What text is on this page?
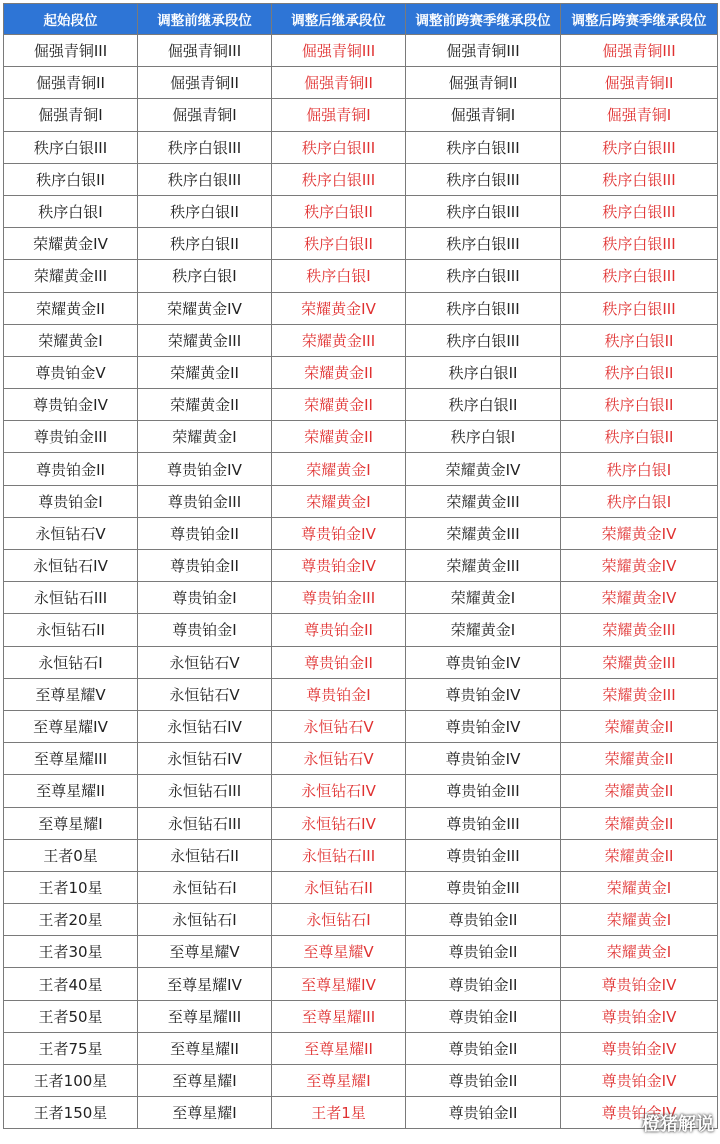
起始段位	调整前继承段位	调整后继承段位	调整前跨赛季继承段位	调整后跨赛季继承段位
倔强青铜III	倔强青铜III	倔强青铜III	倔强青铜III	倔强青铜III
倔强青铜II	倔强青铜II	倔强青铜II	倔强青铜II	倔强青铜II
倔强青铜I	倔强青铜I	倔强青铜I	倔强青铜I	倔强青铜I
秩序白银III	秩序白银III	秩序白银III	秩序白银III	秩序白银III
秩序白银II	秩序白银III	秩序白银III	秩序白银III	秩序白银III
秩序白银I	秩序白银II	秩序白银II	秩序白银III	秩序白银III
荣耀黄金IV	秩序白银II	秩序白银II	秩序白银III	秩序白银III
荣耀黄金III	秩序白银I	秩序白银I	秩序白银III	秩序白银III
荣耀黄金II	荣耀黄金IV	荣耀黄金IV	秩序白银III	秩序白银III
荣耀黄金I	荣耀黄金III	荣耀黄金III	秩序白银III	秩序白银II
尊贵铂金V	荣耀黄金II	荣耀黄金II	秩序白银II	秩序白银II
尊贵铂金IV	荣耀黄金II	荣耀黄金II	秩序白银II	秩序白银II
尊贵铂金III	荣耀黄金I	荣耀黄金II	秩序白银I	秩序白银II
尊贵铂金II	尊贵铂金IV	荣耀黄金I	荣耀黄金IV	秩序白银I
尊贵铂金I	尊贵铂金III	荣耀黄金I	荣耀黄金III	秩序白银I
永恒钻石V	尊贵铂金II	尊贵铂金IV	荣耀黄金III	荣耀黄金IV
永恒钻石IV	尊贵铂金II	尊贵铂金IV	荣耀黄金III	荣耀黄金IV
永恒钻石III	尊贵铂金I	尊贵铂金III	荣耀黄金I	荣耀黄金IV
永恒钻石II	尊贵铂金I	尊贵铂金II	荣耀黄金I	荣耀黄金III
永恒钻石I	永恒钻石V	尊贵铂金II	尊贵铂金IV	荣耀黄金III
至尊星耀V	永恒钻石V	尊贵铂金I	尊贵铂金IV	荣耀黄金III
至尊星耀IV	永恒钻石IV	永恒钻石V	尊贵铂金IV	荣耀黄金II
至尊星耀III	永恒钻石IV	永恒钻石V	尊贵铂金IV	荣耀黄金II
至尊星耀II	永恒钻石III	永恒钻石IV	尊贵铂金III	荣耀黄金II
至尊星耀I	永恒钻石III	永恒钻石IV	尊贵铂金III	荣耀黄金II
王者0星	永恒钻石II	永恒钻石III	尊贵铂金III	荣耀黄金II
王者10星	永恒钻石I	永恒钻石II	尊贵铂金III	荣耀黄金I
王者20星	永恒钻石I	永恒钻石I	尊贵铂金II	荣耀黄金I
王者30星	至尊星耀V	至尊星耀V	尊贵铂金II	荣耀黄金I
王者40星	至尊星耀IV	至尊星耀IV	尊贵铂金II	尊贵铂金IV
王者50星	至尊星耀III	至尊星耀III	尊贵铂金II	尊贵铂金IV
王者75星	至尊星耀II	至尊星耀II	尊贵铂金II	尊贵铂金IV
王者100星	至尊星耀I	至尊星耀I	尊贵铂金II	尊贵铂金IV
王者150星	至尊星耀I	王者1星	尊贵铂金II	尊贵铂金IV
橙猪解说
